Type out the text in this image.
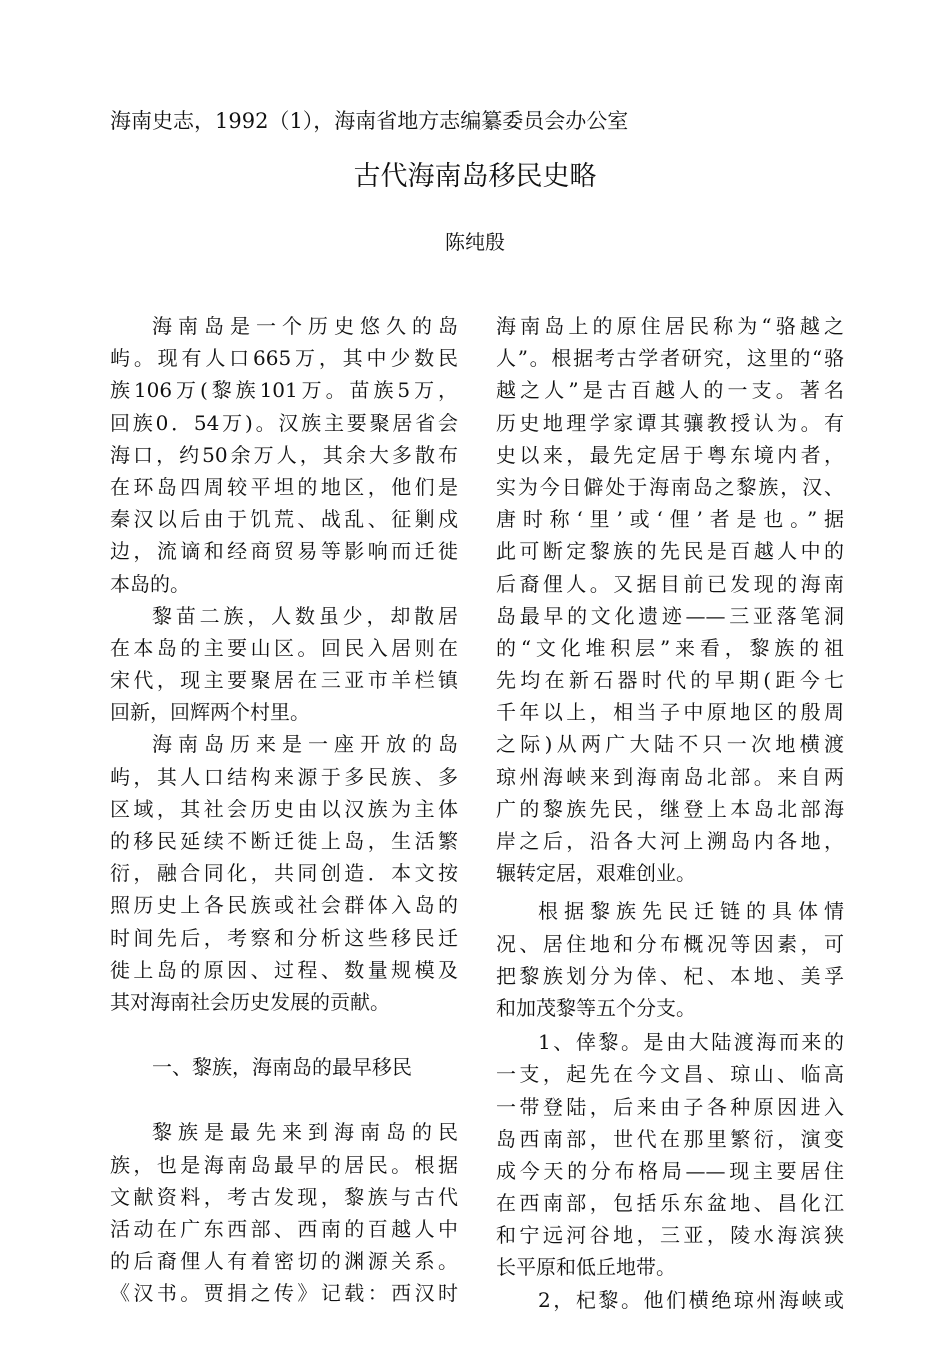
海南史志，1992（1），海南省地方志编纂委员会办公室
古代海南岛移民史略
陈纯殷
海南岛是一个历史悠久的岛
屿。现有人口665万，其中少数民
族106万(黎族101万。苗族5万，
回族0．54万)。汉族主要聚居省会
海口，约50余万人，其余大多散布
在环岛四周较平坦的地区，他们是
秦汉以后由于饥荒、战乱、征剿戍
边，流谪和经商贸易等影响而迁徙
本岛的。
黎苗二族，人数虽少，却散居
在本岛的主要山区。回民入居则在
宋代，现主要聚居在三亚市羊栏镇
回新，回辉两个村里。
海南岛历来是一座开放的岛
屿，其人口结构来源于多民族、多
区域，其社会历史由以汉族为主体
的移民延续不断迁徙上岛，生活繁
衍，融合同化，共同创造．本文按
照历史上各民族或社会群体入岛的
时间先后，考察和分析这些移民迁
徙上岛的原因、过程、数量规模及
其对海南社会历史发展的贡献。
一、黎族，海南岛的最早移民
黎族是最先来到海南岛的民
族，也是海南岛最早的居民。根据
文献资料，考古发现，黎族与古代
活动在广东西部、西南的百越人中
的后裔俚人有着密切的渊源关系。
《汉书。贾捐之传》记载：西汉时
海南岛上的原住居民称为“骆越之
人”。根据考古学者研究，这里的“骆
越之人”是古百越人的一支。著名
历史地理学家谭其骧教授认为。有
史以来，最先定居于粤东境内者，
实为今日僻处于海南岛之黎族，汉、
唐时称‘里’或‘俚’者是也。”据
此可断定黎族的先民是百越人中的
后裔俚人。又据目前已发现的海南
岛最早的文化遗迹——三亚落笔洞
的“文化堆积层”来看，黎族的祖
先均在新石器时代的早期(距今七
千年以上，相当子中原地区的殷周
之际)从两广大陆不只一次地横渡
琼州海峡来到海南岛北部。来自两
广的黎族先民，继登上本岛北部海
岸之后，沿各大河上溯岛内各地，
辗转定居，艰难创业。
根据黎族先民迁链的具体情
况、居住地和分布概况等因素，可
把黎族划分为倖、杞、本地、美孚
和加茂黎等五个分支。
1、倖黎。是由大陆渡海而来的
一支，起先在今文昌、琼山、临高
一带登陆，后来由子各种原因进入
岛西南部，世代在那里繁衍，演变
成今天的分布格局——现主要居住
在西南部，包括乐东盆地、昌化江
和宁远河谷地，三亚，陵水海滨狭
长平原和低丘地带。
2，杞黎。他们横绝琼州海峡或
